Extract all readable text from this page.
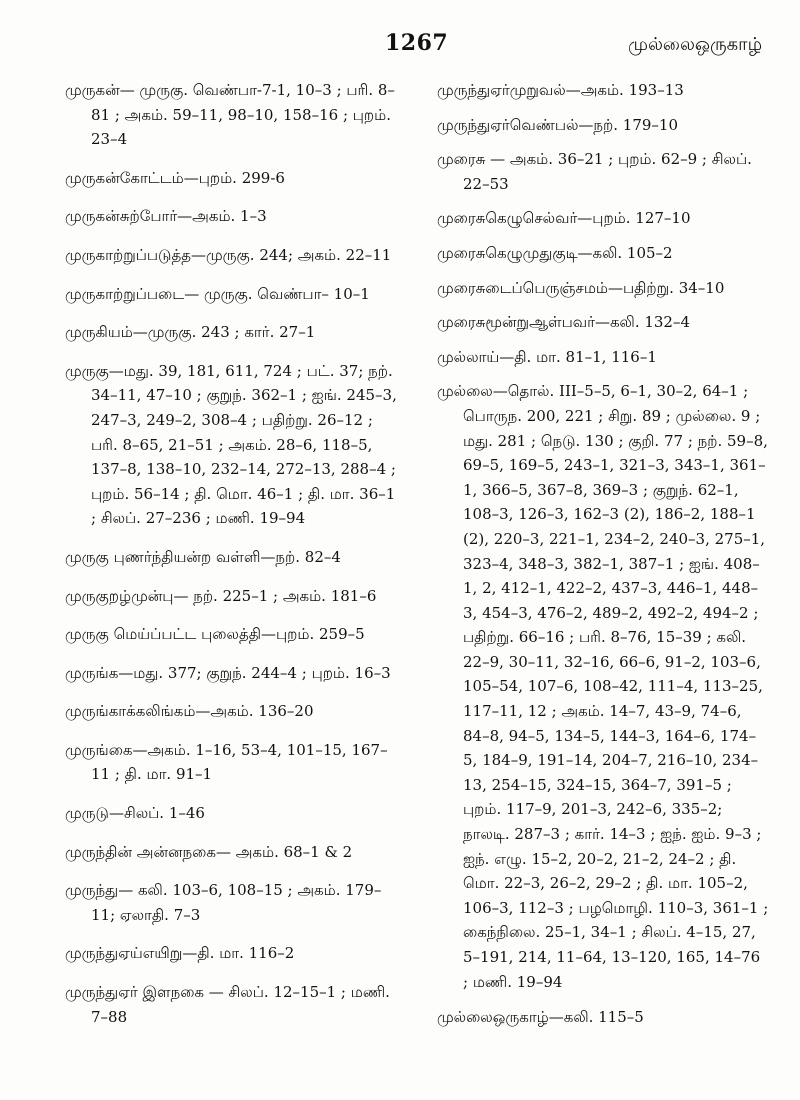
1267	முல்லைஒருகாழ்
முருகன்— முருகு. வெண்பா-7-1, 10–3 ; பரி. 8–81 ; அகம். 59–11, 98–10, 158–16 ; புறம். 23–4
முருகன்கோட்டம்—புறம். 299-6
முருகன்சுற்போர்—அகம். 1–3
முருகாற்றுப்படுத்த—முருகு. 244; அகம். 22–11
முருகாற்றுப்படை— முருகு. வெண்பா– 10–1
முருகியம்—முருகு. 243 ; கார். 27–1
முருகு—மது. 39, 181, 611, 724 ; பட். 37; நற். 34–11, 47–10 ; குறுந். 362–1 ; ஐங். 245–3, 247–3, 249–2, 308–4 ; பதிற்று. 26–12 ; பரி. 8–65, 21–51 ; அகம். 28–6, 118–5, 137–8, 138–10, 232–14, 272–13, 288–4 ; புறம். 56–14 ; தி. மொ. 46–1 ; தி. மா. 36–1 ; சிலப். 27–236 ; மணி. 19–94
முருகு புணர்ந்தியன்ற வள்ளி—நற். 82–4
முருகுறழ்முன்பு— நற். 225–1 ; அகம். 181–6
முருகு மெய்ப்பட்ட புலைத்தி—புறம். 259–5
முருங்க—மது. 377; குறுந். 244–4 ; புறம். 16–3
முருங்காக்கலிங்கம்—அகம். 136–20
முருங்கை—அகம். 1–16, 53–4, 101–15, 167–11 ; தி. மா. 91–1
முருடு—சிலப். 1–46
முருந்தின் அன்னநகை— அகம். 68–1 & 2
முருந்து— கலி. 103–6, 108–15 ; அகம். 179–11; ஏலாதி. 7–3
முருந்துஏய்எயிறு—தி. மா. 116–2
முருந்துஏர் இளநகை — சிலப். 12–15–1 ; மணி. 7–88
முருந்துஏர்முறுவல்—அகம். 193–13
முருந்துஏர்வெண்பல்—நற். 179–10
முரைசு — அகம். 36–21 ; புறம். 62–9 ; சிலப். 22–53
முரைசுகெழுசெல்வர்—புறம். 127–10
முரைசுகெழுமுதுகுடி—கலி. 105–2
முரைசுடைப்பெருஞ்சமம்—பதிற்று. 34–10
முரைசுமூன்றுஆள்பவர்—கலி. 132–4
முல்லாய்—தி. மா. 81–1, 116–1
முல்லை—தொல். III–5–5, 6–1, 30–2, 64–1 ; பொருந. 200, 221 ; சிறு. 89 ; முல்லை. 9 ; மது. 281 ; நெடு. 130 ; குறி. 77 ; நற். 59–8, 69–5, 169–5, 243–1, 321–3, 343–1, 361–1, 366–5, 367–8, 369–3 ; குறுந். 62–1, 108–3, 126–3, 162–3 (2), 186–2, 188–1 (2), 220–3, 221–1, 234–2, 240–3, 275–1, 323–4, 348–3, 382–1, 387–1 ; ஐங். 408–1, 2, 412–1, 422–2, 437–3, 446–1, 448–3, 454–3, 476–2, 489–2, 492–2, 494–2 ; பதிற்று. 66–16 ; பரி. 8–76, 15–39 ; கலி. 22–9, 30–11, 32–16, 66–6, 91–2, 103–6, 105–54, 107–6, 108–42, 111–4, 113–25, 117–11, 12 ; அகம். 14–7, 43–9, 74–6, 84–8, 94–5, 134–5, 144–3, 164–6, 174–5, 184–9, 191–14, 204–7, 216–10, 234–13, 254–15, 324–15, 364–7, 391–5 ; புறம். 117–9, 201–3, 242–6, 335–2; நாலடி. 287–3 ; கார். 14–3 ; ஐந். ஐம். 9–3 ; ஐந். எழு. 15–2, 20–2, 21–2, 24–2 ; தி. மொ. 22–3, 26–2, 29–2 ; தி. மா. 105–2, 106–3, 112–3 ; பழமொழி. 110–3, 361–1 ; கைந்நிலை. 25–1, 34–1 ; சிலப். 4–15, 27, 5–191, 214, 11–64, 13–120, 165, 14–76 ; மணி. 19–94
முல்லைஒருகாழ்—கலி. 115–5
